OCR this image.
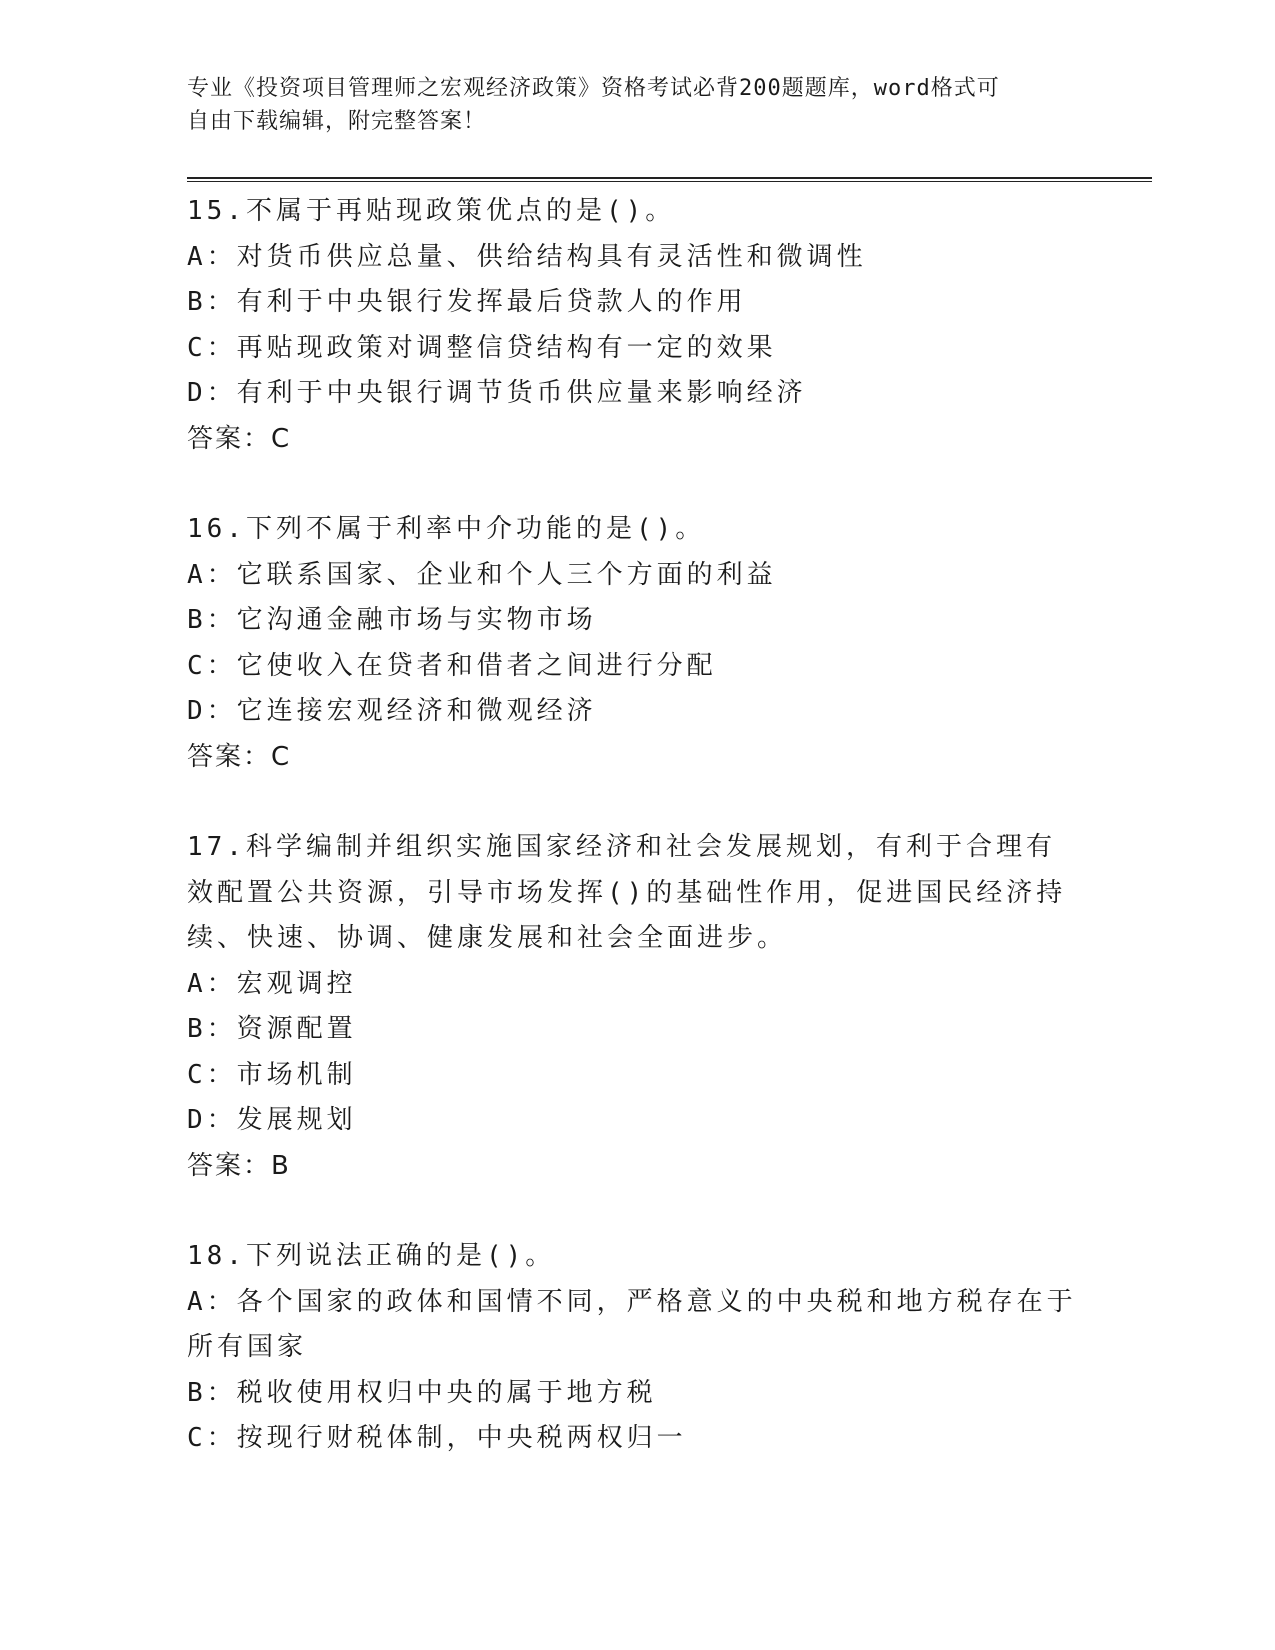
专业《投资项目管理师之宏观经济政策》资格考试必背200题题库，word格式可
自由下载编辑，附完整答案！
15.不属于再贴现政策优点的是()。
A：对货币供应总量、供给结构具有灵活性和微调性
B：有利于中央银行发挥最后贷款人的作用
C：再贴现政策对调整信贷结构有一定的效果
D：有利于中央银行调节货币供应量来影响经济
答案：C
16.下列不属于利率中介功能的是()。
A：它联系国家、企业和个人三个方面的利益
B：它沟通金融市场与实物市场
C：它使收入在贷者和借者之间进行分配
D：它连接宏观经济和微观经济
答案：C
17.科学编制并组织实施国家经济和社会发展规划，有利于合理有效配置公共资源，引导市场发挥()的基础性作用，促进国民经济持续、快速、协调、健康发展和社会全面进步。
A：宏观调控
B：资源配置
C：市场机制
D：发展规划
答案：B
18.下列说法正确的是()。
A：各个国家的政体和国情不同，严格意义的中央税和地方税存在于所有国家
B：税收使用权归中央的属于地方税
C：按现行财税体制，中央税两权归一
